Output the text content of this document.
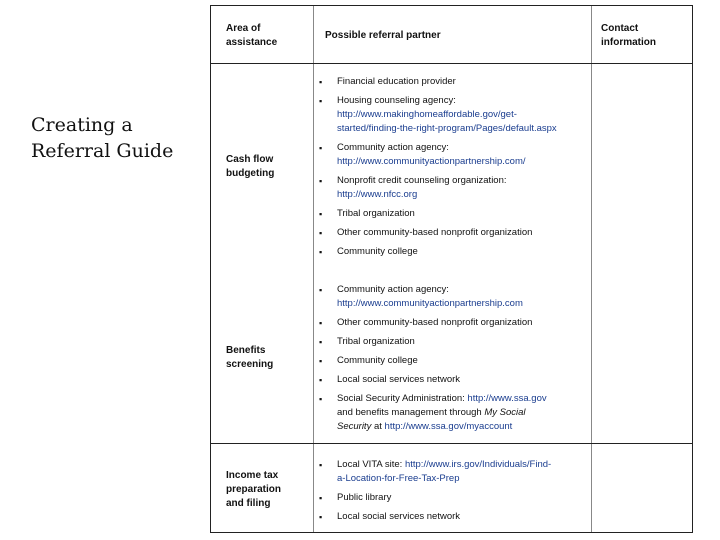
Creating a
Referral Guide
Area of
assistance
Possible referral partner
Contact
information
Cash flow
budgeting
▪ Financial education provider
▪ Housing counseling agency:
http://www.makinghomeaffordable.gov/get-
started/finding-the-right-program/Pages/default.aspx
▪ Community action agency:
http://www.communityactionpartnership.com/
▪ Nonprofit credit counseling organization:
http://www.nfcc.org
▪ Tribal organization
▪ Other community-based nonprofit organization
▪ Community college
Benefits
screening
▪ Community action agency:
http://www.communityactionpartnership.com
▪ Other community-based nonprofit organization
▪ Tribal organization
▪ Community college
▪ Local social services network
▪ Social Security Administration: http://www.ssa.gov
and benefits management through My Social
Security at http://www.ssa.gov/myaccount
Income tax
preparation
and filing
▪ Local VITA site: http://www.irs.gov/Individuals/Find-
a-Location-for-Free-Tax-Prep
▪ Public library
▪ Local social services network
